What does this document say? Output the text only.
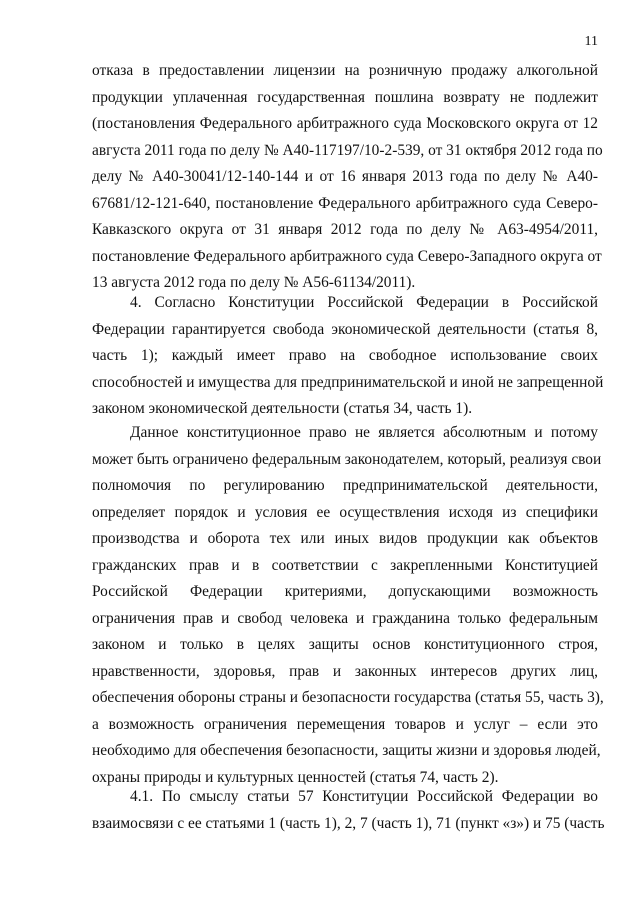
11
отказа в предоставлении лицензии на розничную продажу алкогольной
продукции уплаченная государственная пошлина возврату не подлежит
(постановления Федерального арбитражного суда Московского округа от 12
августа 2011 года по делу № А40-117197/10-2-539, от 31 октября 2012 года по
делу № А40-30041/12-140-144 и от 16 января 2013 года по делу № А40-
67681/12-121-640, постановление Федерального арбитражного суда Северо-
Кавказского округа от 31 января 2012 года по делу № А63-4954/2011,
постановление Федерального арбитражного суда Северо-Западного округа от
13 августа 2012 года по делу № А56-61134/2011).
4. Согласно Конституции Российской Федерации в Российской
Федерации гарантируется свобода экономической деятельности (статья 8,
часть 1); каждый имеет право на свободное использование своих
способностей и имущества для предпринимательской и иной не запрещенной
законом экономической деятельности (статья 34, часть 1).
Данное конституционное право не является абсолютным и потому
может быть ограничено федеральным законодателем, который, реализуя свои
полномочия по регулированию предпринимательской деятельности,
определяет порядок и условия ее осуществления исходя из специфики
производства и оборота тех или иных видов продукции как объектов
гражданских прав и в соответствии с закрепленными Конституцией
Российской Федерации критериями, допускающими возможность
ограничения прав и свобод человека и гражданина только федеральным
законом и только в целях защиты основ конституционного строя,
нравственности, здоровья, прав и законных интересов других лиц,
обеспечения обороны страны и безопасности государства (статья 55, часть 3),
а возможность ограничения перемещения товаров и услуг – если это
необходимо для обеспечения безопасности, защиты жизни и здоровья людей,
охраны природы и культурных ценностей (статья 74, часть 2).
4.1. По смыслу статьи 57 Конституции Российской Федерации во
взаимосвязи с ее статьями 1 (часть 1), 2, 7 (часть 1), 71 (пункт «з») и 75 (часть
